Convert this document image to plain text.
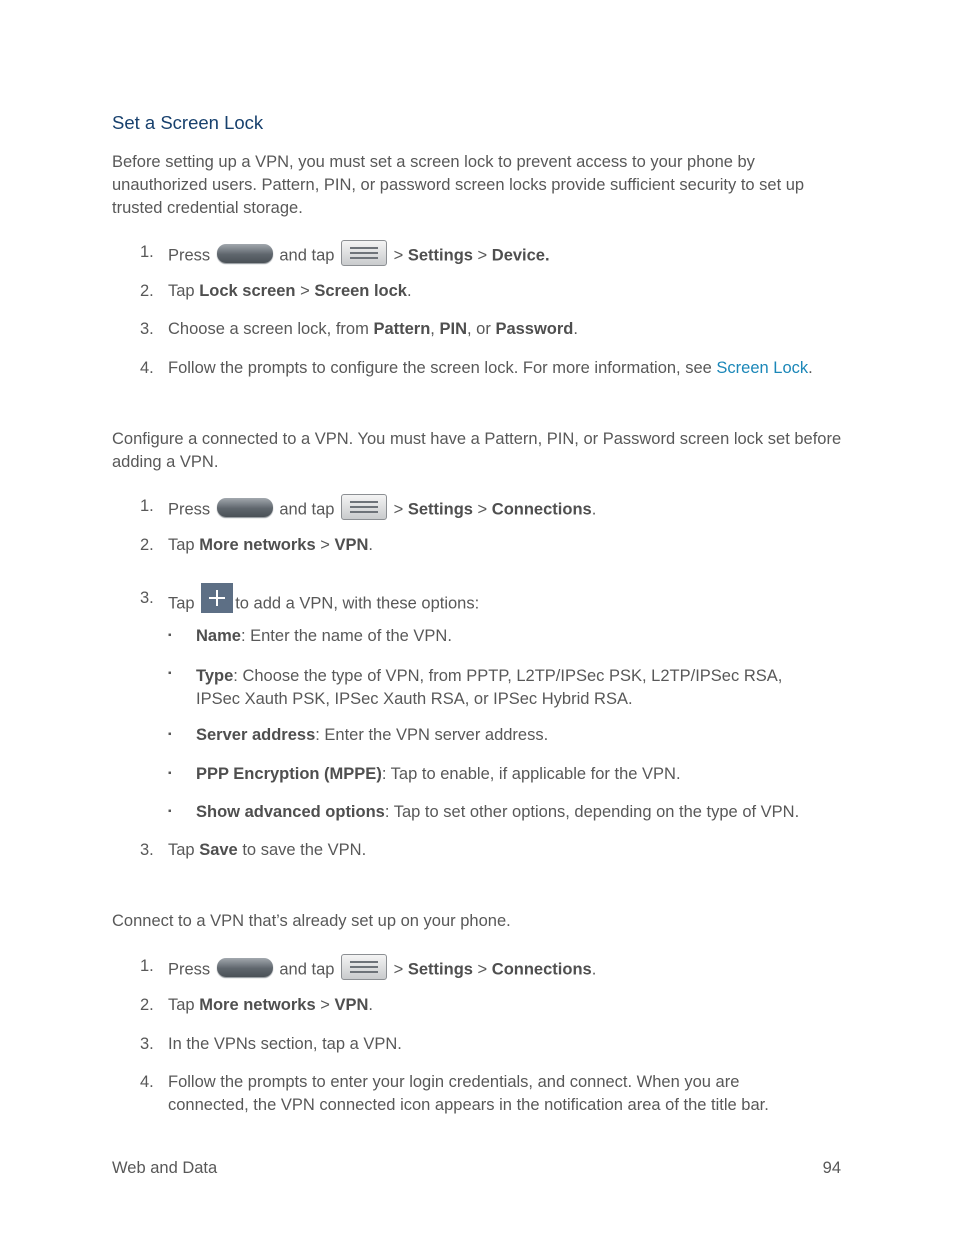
Set a Screen Lock
Before setting up a VPN, you must set a screen lock to prevent access to your phone by unauthorized users. Pattern, PIN, or password screen locks provide sufficient security to set up trusted credential storage.
1. Press	and tap	> Settings > Device.
2. Tap Lock screen > Screen lock.
3. Choose a screen lock, from Pattern, PIN, or Password.
4. Follow the prompts to configure the screen lock. For more information, see Screen Lock.
Configure a connected to a VPN. You must have a Pattern, PIN, or Password screen lock set before adding a VPN.
1. Press	and tap	> Settings > Connections.
2. Tap More networks > VPN.
3. Tap to add a VPN, with these options:
▪ Name: Enter the name of the VPN.
▪ Type: Choose the type of VPN, from PPTP, L2TP/IPSec PSK, L2TP/IPSec RSA, IPSec Xauth PSK, IPSec Xauth RSA, or IPSec Hybrid RSA.
▪ Server address: Enter the VPN server address.
▪ PPP Encryption (MPPE): Tap to enable, if applicable for the VPN.
▪ Show advanced options: Tap to set other options, depending on the type of VPN.
3. Tap Save to save the VPN.
Connect to a VPN that’s already set up on your phone.
1. Press	and tap	> Settings > Connections.
2. Tap More networks > VPN.
3. In the VPNs section, tap a VPN.
4. Follow the prompts to enter your login credentials, and connect. When you are connected, the VPN connected icon appears in the notification area of the title bar.
Web and Data	94
